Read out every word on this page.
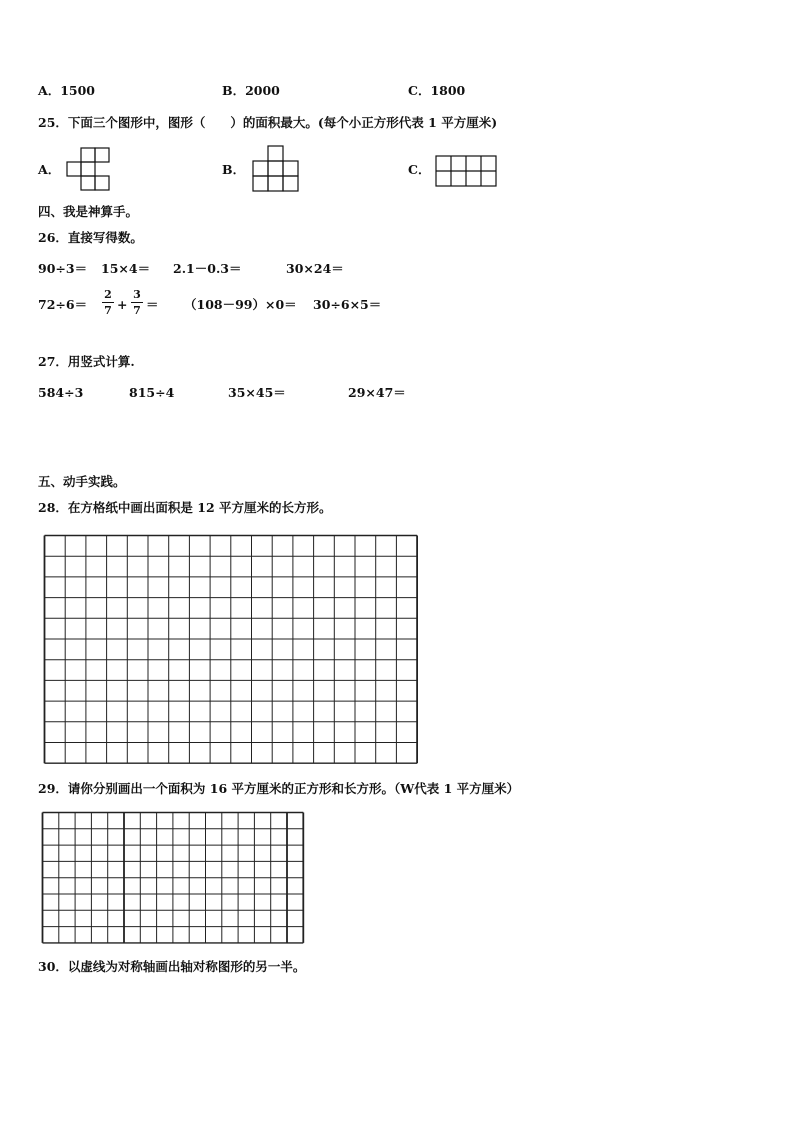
A．1500	B．2000	C．1800
25．下面三个图形中，图形（　　）的面积最大。(每个小正方形代表 1 平方厘米)
A．	B．	C．
四、我是神算手。
26．直接写得数。
90÷3＝ 15×4＝ 2.1－0.3＝	30×24＝
72÷6＝
2
7 +
3
7 ＝ （108－99）×0＝ 30÷6×5＝
27．用竖式计算.
584÷3	815÷4	35×45＝	29×47＝
五、动手实践。
28．在方格纸中画出面积是 12 平方厘米的长方形。
29．请你分别画出一个面积为 16 平方厘米的正方形和长方形。（W代表 1 平方厘米）
30．以虚线为对称轴画出轴对称图形的另一半。
